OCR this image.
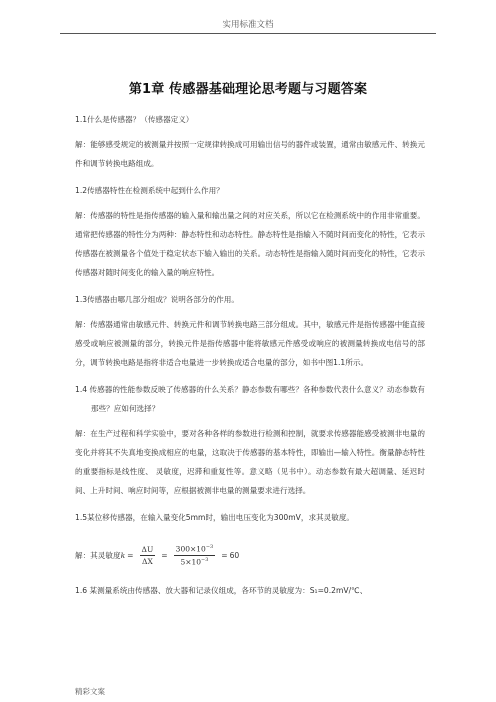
实用标准文档
第1章 传感器基础理论思考题与习题答案

1.1什么是传感器？（传感器定义）

解：能够感受规定的被测量并按照一定规律转换成可用输出信号的器件或装置，通常由敏感元件、转换元件和调节转换电路组成。

1.2传感器特性在检测系统中起到什么作用？

解：传感器的特性是指传感器的输入量和输出量之间的对应关系，所以它在检测系统中的作用非常重要。通常把传感器的特性分为两种：静态特性和动态特性。静态特性是指输入不随时间而变化的特性，它表示传感器在被测量各个值处于稳定状态下输入输出的关系。动态特性是指输入随时间而变化的特性，它表示传感器对随时间变化的输入量的响应特性。

1.3传感器由哪几部分组成？说明各部分的作用。

解：传感器通常由敏感元件、转换元件和调节转换电路三部分组成。其中，敏感元件是指传感器中能直接感受或响应被测量的部分，转换元件是指传感器中能将敏感元件感受或响应的被测量转换成电信号的部分，调节转换电路是指将非适合电量进一步转换成适合电量的部分，如书中图1.1所示。

1.4 传感器的性能参数反映了传感器的什么关系？静态参数有哪些？各种参数代表什么意义？动态参数有那些？应如何选择？

解：在生产过程和科学实验中，要对各种各样的参数进行检测和控制，就要求传感器能感受被测非电量的变化并将其不失真地变换成相应的电量，这取决于传感器的基本特性，即输出—输入特性。衡量静态特性的重要指标是线性度、 灵敏度，迟滞和重复性等。意义略（见书中）。动态参数有最大超调量、延迟时间、上升时间、响应时间等，应根据被测非电量的测量要求进行选择。

1.5某位移传感器，在输入量变化5mm时，输出电压变化为300mV，求其灵敏度。

解：其灵敏度 $k = \frac{\Delta U}{\Delta X} = \frac{300\times 10^{-3}}{5\times 10^{-3}} = 60$

1.6 某测量系统由传感器、放大器和记录仪组成，各环节的灵敏度为：S₁=0.2mV/℃、

精彩文案
